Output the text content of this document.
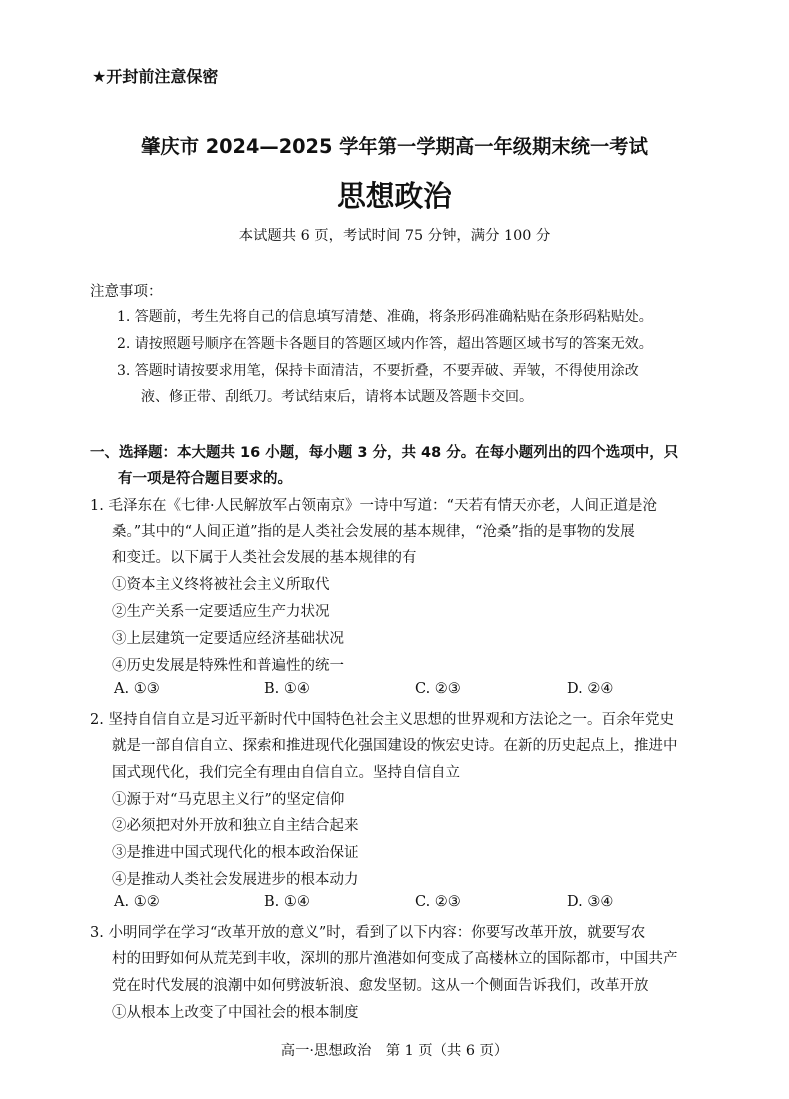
★开封前注意保密
肇庆市 2024—2025 学年第一学期高一年级期末统一考试
思想政治
本试题共 6 页，考试时间 75 分钟，满分 100 分
注意事项：
1. 答题前，考生先将自己的信息填写清楚、准确，将条形码准确粘贴在条形码粘贴处。
2. 请按照题号顺序在答题卡各题目的答题区域内作答，超出答题区域书写的答案无效。
3. 答题时请按要求用笔，保持卡面清洁，不要折叠，不要弄破、弄皱，不得使用涂改
液、修正带、刮纸刀。考试结束后，请将本试题及答题卡交回。
一、选择题：本大题共 16 小题，每小题 3 分，共 48 分。在每小题列出的四个选项中，只
有一项是符合题目要求的。
1. 毛泽东在《七律·人民解放军占领南京》一诗中写道：“天若有情天亦老，人间正道是沧
桑。”其中的“人间正道”指的是人类社会发展的基本规律，“沧桑”指的是事物的发展
和变迁。以下属于人类社会发展的基本规律的有
①资本主义终将被社会主义所取代
②生产关系一定要适应生产力状况
③上层建筑一定要适应经济基础状况
④历史发展是特殊性和普遍性的统一
A. ①③	B. ①④	C. ②③	D. ②④
2. 坚持自信自立是习近平新时代中国特色社会主义思想的世界观和方法论之一。百余年党史
就是一部自信自立、探索和推进现代化强国建设的恢宏史诗。在新的历史起点上，推进中
国式现代化，我们完全有理由自信自立。坚持自信自立
①源于对“马克思主义行”的坚定信仰
②必须把对外开放和独立自主结合起来
③是推进中国式现代化的根本政治保证
④是推动人类社会发展进步的根本动力
A. ①②	B. ①④	C. ②③	D. ③④
3. 小明同学在学习“改革开放的意义”时，看到了以下内容：你要写改革开放，就要写农
村的田野如何从荒芜到丰收，深圳的那片渔港如何变成了高楼林立的国际都市，中国共产
党在时代发展的浪潮中如何劈波斩浪、愈发坚韧。这从一个侧面告诉我们，改革开放
①从根本上改变了中国社会的根本制度
高一·思想政治　第 1 页（共 6 页）
